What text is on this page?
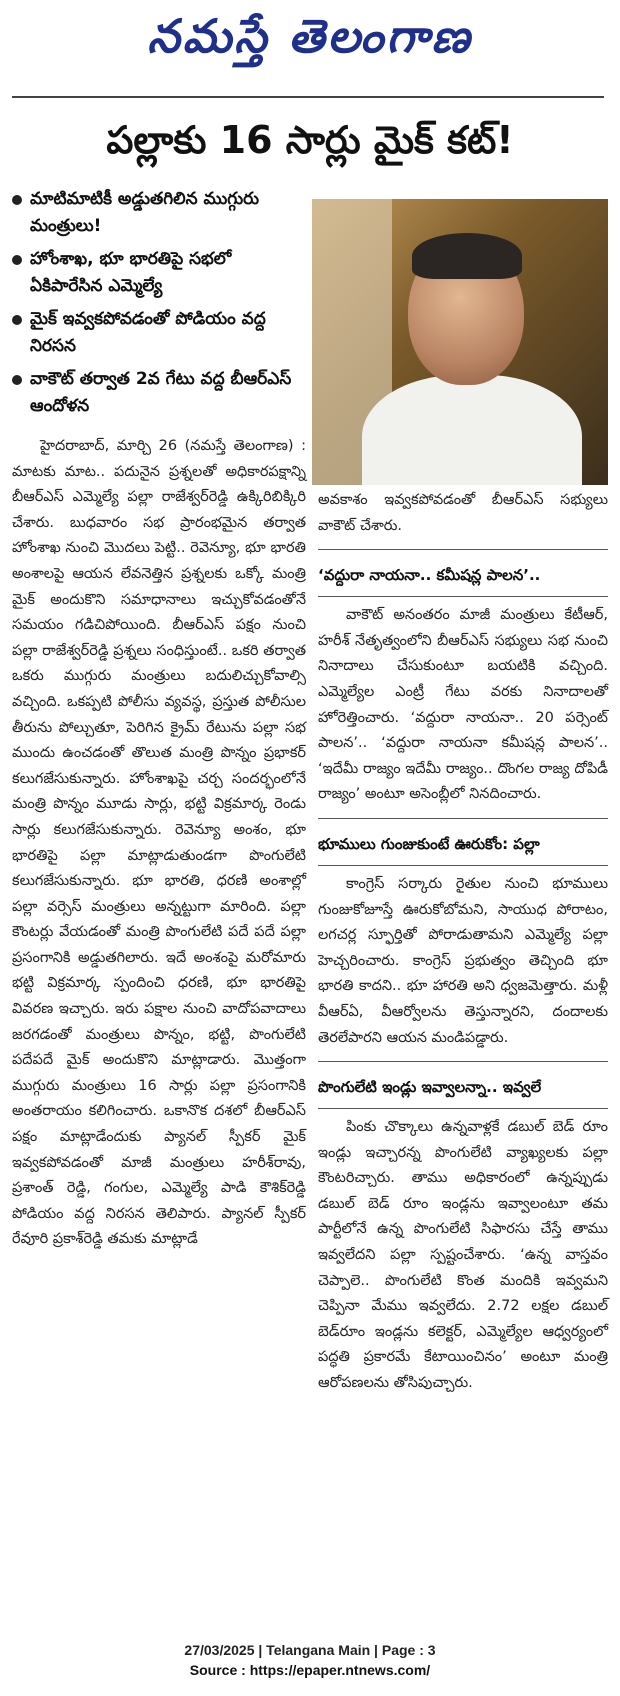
నమస్తే తెలంగాణ
పల్లాకు 16 సార్లు మైక్ కట్!
మాటిమాటికీ అడ్డుతగిలిన ముగ్గురు మంత్రులు!
హోంశాఖ, భూ భారతిపై సభలో ఏకిపారేసిన ఎమ్మెల్యే
మైక్ ఇవ్వకపోవడంతో పోడియం వద్ద నిరసన
వాకౌట్ తర్వాత 2వ గేటు వద్ద బీఆర్ఎస్ ఆందోళన

హైదరాబాద్, మార్చి 26 (నమస్తే తెలంగాణ) : మాటకు మాట.. పదునైన ప్రశ్నలతో అధికారపక్షాన్ని బీఆర్ఎస్ ఎమ్మెల్యే పల్లా రాజేశ్వర్‌రెడ్డి ఉక్కిరిబిక్కిరి చేశారు. బుధవారం సభ ప్రారంభమైన తర్వాత హోంశాఖ నుంచి మొదలు పెట్టి.. రెవెన్యూ, భూ భారతి అంశాలపై ఆయన లేవనెత్తిన ప్రశ్నలకు ఒక్కో మంత్రి మైక్ అందుకొని సమాధానాలు ఇచ్చుకోవడంతోనే సమయం గడిచిపోయింది. బీఆర్ఎస్ పక్షం నుంచి పల్లా రాజేశ్వర్‌రెడ్డి ప్రశ్నలు సంధిస్తుంటే.. ఒకరి తర్వాత ఒకరు ముగ్గురు మంత్రులు బదులిచ్చుకోవాల్సి వచ్చింది. ఒకప్పటి పోలీసు వ్యవస్థ, ప్రస్తుత పోలీసుల తీరును పోల్చుతూ, పెరిగిన క్రైమ్ రేటును పల్లా సభ ముందు ఉంచడంతో తొలుత మంత్రి పొన్నం ప్రభాకర్ కలుగజేసుకున్నారు. హోంశాఖపై చర్చ సందర్భంలోనే మంత్రి పొన్నం మూడు సార్లు, భట్టి విక్రమార్క రెండు సార్లు కలుగజేసుకున్నారు. రెవెన్యూ అంశం, భూ భారతిపై పల్లా మాట్లాడుతుండగా పొంగులేటి కలుగజేసుకున్నారు. భూ భారతి, ధరణి అంశాల్లో పల్లా వర్సెస్ మంత్రులు అన్నట్టుగా మారింది. పల్లా కౌంటర్లు వేయడంతో మంత్రి పొంగులేటి పదే పదే పల్లా ప్రసంగానికి అడ్డుతగిలారు. ఇదే అంశంపై మరోమారు భట్టి విక్రమార్క స్పందించి ధరణి, భూ భారతిపై వివరణ ఇచ్చారు. ఇరు పక్షాల నుంచి వాదోపవాదాలు జరగడంతో మంత్రులు పొన్నం, భట్టి, పొంగులేటి పదేపదే మైక్ అందుకొని మాట్లాడారు. మొత్తంగా ముగ్గురు మంత్రులు 16 సార్లు పల్లా ప్రసంగానికి అంతరాయం కలిగించారు. ఒకానొక దశలో బీఆర్ఎస్ పక్షం మాట్లాడేందుకు ప్యానల్ స్పీకర్ మైక్ ఇవ్వకపోవడంతో మాజీ మంత్రులు హరీశ్‌రావు, ప్రశాంత్ రెడ్డి, గంగుల, ఎమ్మెల్యే పాడి కౌశిక్‌రెడ్డి పోడియం వద్ద నిరసన తెలిపారు. ప్యానల్ స్పీకర్ రేవూరి ప్రకాశ్‌రెడ్డి తమకు మాట్లాడే

అవకాశం ఇవ్వకపోవడంతో బీఆర్ఎస్ సభ్యులు వాకౌట్ చేశారు.

‘వద్దురా నాయనా.. కమీషన్ల పాలన’..

వాకౌట్ అనంతరం మాజీ మంత్రులు కేటీఆర్, హరీశ్ నేతృత్వంలోని బీఆర్ఎస్ సభ్యులు సభ నుంచి నినాదాలు చేసుకుంటూ బయటికి వచ్చింది. ఎమ్మెల్యేల ఎంట్రీ గేటు వరకు నినాదాలతో హోరెత్తించారు. ‘వద్దురా నాయనా.. 20 పర్సెంట్ పాలన’.. ‘వద్దురా నాయనా కమీషన్ల పాలన’.. ‘ఇదేమీ రాజ్యం ఇదేమీ రాజ్యం.. దొంగల రాజ్య దోపిడీ రాజ్యం’ అంటూ అసెంబ్లీలో నినదించారు.

భూములు గుంజుకుంటే ఊరుకోం: పల్లా

కాంగ్రెస్ సర్కారు రైతుల నుంచి భూములు గుంజుకోజూస్తే ఊరుకోబోమని, సాయుధ పోరాటం, లగచర్ల స్ఫూర్తితో పోరాడుతామని ఎమ్మెల్యే పల్లా హెచ్చరించారు. కాంగ్రెస్ ప్రభుత్వం తెచ్చింది భూ భారతి కాదని.. భూ హారతి అని ధ్వజమెత్తారు. మళ్లీ వీఆర్ఏ, వీఆర్వోలను తెస్తున్నారని, దందాలకు తెరలేపారని ఆయన మండిపడ్డారు.

పొంగులేటి ఇండ్లు ఇవ్వాలన్నా.. ఇవ్వలే

పింకు చొక్కాలు ఉన్నవాళ్లకే డబుల్ బెడ్ రూం ఇండ్లు ఇచ్చారన్న పొంగులేటి వ్యాఖ్యలకు పల్లా కౌంటరిచ్చారు. తాము అధికారంలో ఉన్నప్పుడు డబుల్ బెడ్ రూం ఇండ్లను ఇవ్వాలంటూ తమ పార్టీలోనే ఉన్న పొంగులేటి సిఫారసు చేస్తే తాము ఇవ్వలేదని పల్లా స్పష్టంచేశారు. ‘ఉన్న వాస్తవం చెప్పాలె.. పొంగులేటి కొంత మందికి ఇవ్వమని చెప్పినా మేము ఇవ్వలేదు. 2.72 లక్షల డబుల్ బెడ్‌రూం ఇండ్లను కలెక్టర్, ఎమ్మెల్యేల ఆధ్వర్యంలో పద్ధతి ప్రకారమే కేటాయించినం’ అంటూ మంత్రి ఆరోపణలను తోసిపుచ్చారు.

27/03/2025 | Telangana Main | Page : 3
Source : https://epaper.ntnews.com/
